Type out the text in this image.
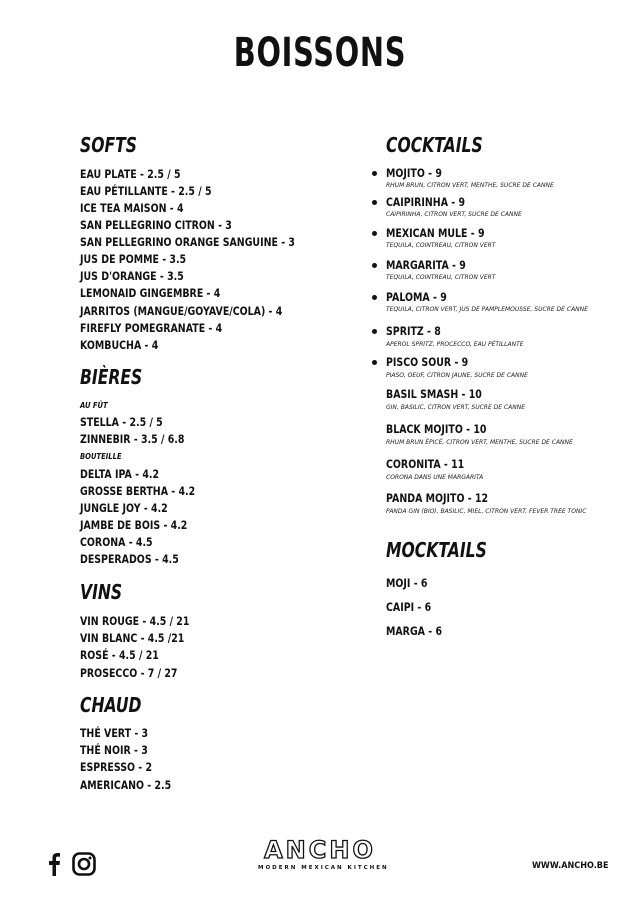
BOISSONS
SOFTS
EAU PLATE - 2.5 / 5
EAU PÉTILLANTE - 2.5 / 5
ICE TEA MAISON - 4
SAN PELLEGRINO CITRON - 3
SAN PELLEGRINO ORANGE SANGUINE - 3
JUS DE POMME - 3.5
JUS D'ORANGE - 3.5
LEMONAID GINGEMBRE - 4
JARRITOS (MANGUE/GOYAVE/COLA) - 4
FIREFLY POMEGRANATE - 4
KOMBUCHA - 4
BIÈRES
AU FÛT
STELLA - 2.5 / 5
ZINNEBIR - 3.5 / 6.8
BOUTEILLE
DELTA IPA - 4.2
GROSSE BERTHA - 4.2
JUNGLE JOY - 4.2
JAMBE DE BOIS - 4.2
CORONA - 4.5
DESPERADOS - 4.5
VINS
VIN ROUGE - 4.5 / 21
VIN BLANC - 4.5 /21
ROSÉ - 4.5 / 21
PROSECCO - 7 / 27
CHAUD
THÉ VERT - 3
THÉ NOIR - 3
ESPRESSO - 2
AMERICANO - 2.5
COCKTAILS
MOJITO - 9
RHUM BRUN, CITRON VERT, MENTHE, SUCRE DE CANNE
CAIPIRINHA - 9
CAIPIRINHA, CITRON VERT, SUCRE DE CANNE
MEXICAN MULE - 9
TEQUILA, COINTREAU, CITRON VERT
MARGARITA - 9
TEQUILA, COINTREAU, CITRON VERT
PALOMA - 9
TEQUILA, CITRON VERT, JUS DE PAMPLEMOUSSE, SUCRE DE CANNE
SPRITZ - 8
APEROL SPRITZ, PROCECCO, EAU PÉTILLANTE
PISCO SOUR - 9
PIASO, OEUF, CITRON JAUNE, SUCRE DE CANNE
BASIL SMASH - 10
GIN, BASILIC, CITRON VERT, SUCRE DE CANNE
BLACK MOJITO - 10
RHUM BRUN ÉPICÉ, CITRON VERT, MENTHE, SUCRE DE CANNE
CORONITA - 11
CORONA DANS UNE MARGARITA
PANDA MOJITO - 12
PANDA GIN (BIO), BASILIC, MIEL, CITRON VERT, FEVER TREE TONIC
MOCKTAILS
MOJI - 6
CAIPI - 6
MARGA - 6
ANCHO
MODERN MEXICAN KITCHEN	WWW.ANCHO.BE
